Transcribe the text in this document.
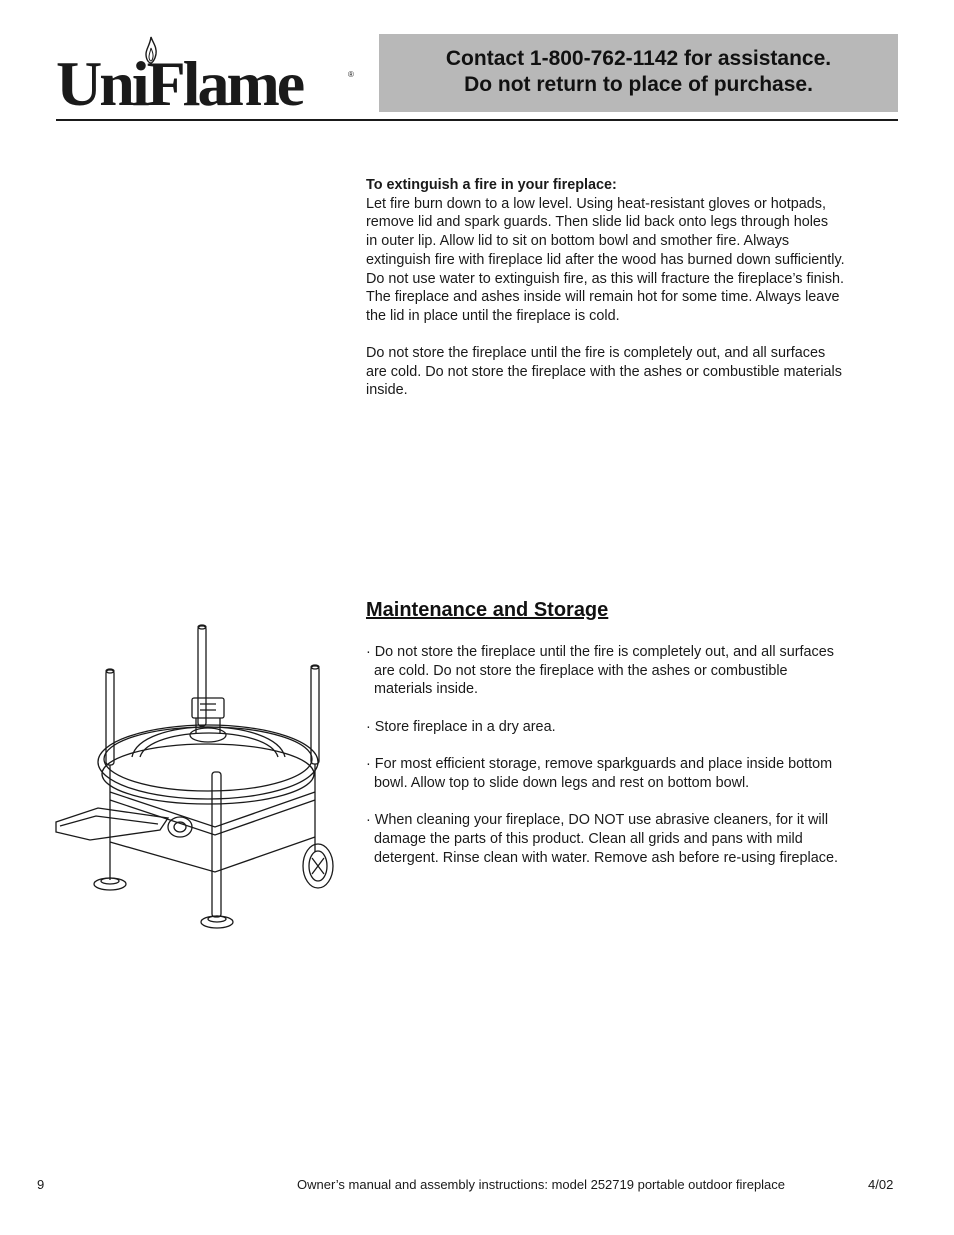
UniFlame	®
Contact 1-800-762-1142 for assistance.
Do not return to place of purchase.
To extinguish a fire in your fireplace:
Let fire burn down to a low level. Using heat-resistant gloves or hotpads,
remove lid and spark guards. Then slide lid back onto legs through holes
in outer lip. Allow lid to sit on bottom bowl and smother fire. Always
extinguish fire with fireplace lid after the wood has burned down sufficiently.
Do not use water to extinguish fire, as this will fracture the fireplace’s finish.
The fireplace and ashes inside will remain hot for some time. Always leave
the lid in place until the fireplace is cold.
Do not store the fireplace until the fire is completely out, and all surfaces
are cold. Do not store the fireplace with the ashes or combustible materials
inside.
Maintenance and Storage
· Do not store the fireplace until the fire is completely out, and all surfaces
are cold. Do not store the fireplace with the ashes or combustible
materials inside.
· Store fireplace in a dry area.
· For most efficient storage, remove sparkguards and place inside bottom
bowl. Allow top to slide down legs and rest on bottom bowl.
· When cleaning your fireplace, DO NOT use abrasive cleaners, for it will
damage the parts of this product. Clean all grids and pans with mild
detergent. Rinse clean with water. Remove ash before re-using fireplace.
9	Owner’s manual and assembly instructions: model 252719 portable outdoor fireplace	4/02
